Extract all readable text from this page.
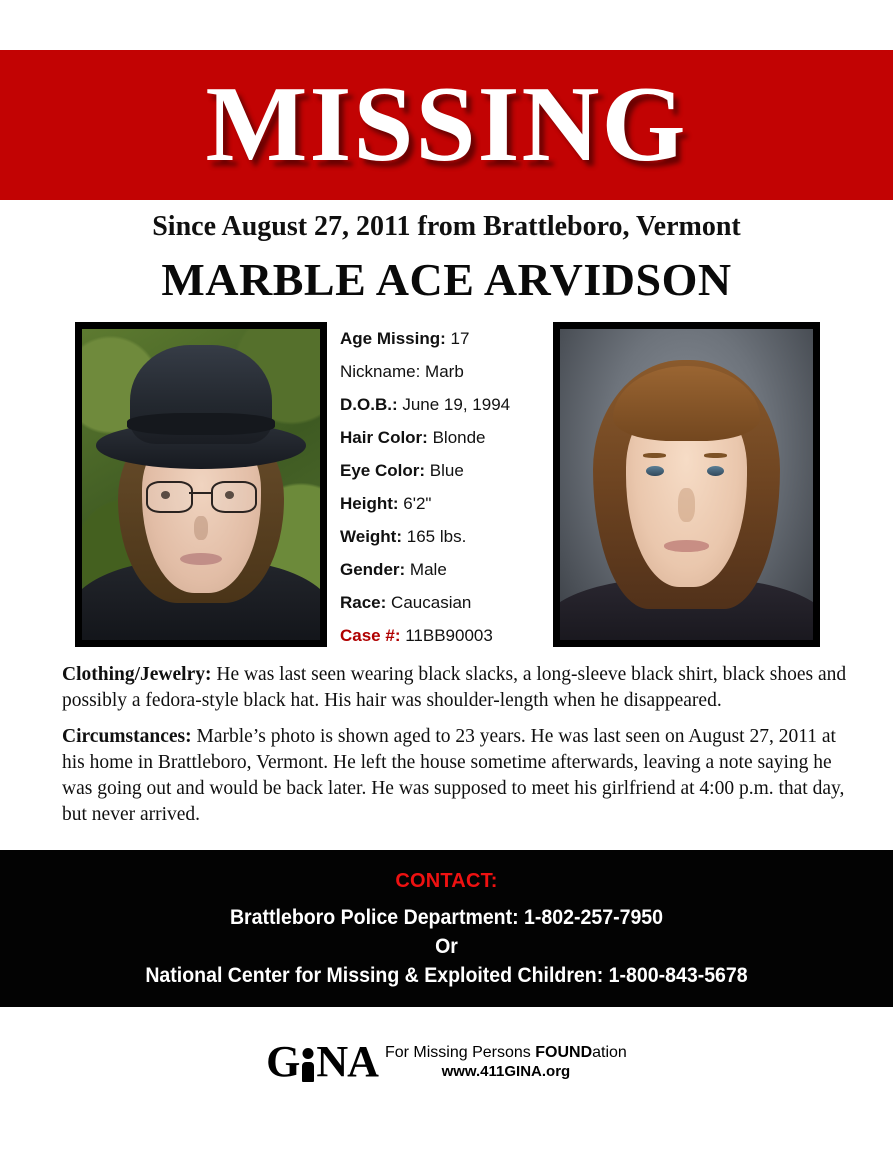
MISSING
Since August 27, 2011 from Brattleboro, Vermont
MARBLE ACE ARVIDSON
Age Missing: 17
Nickname: Marb
D.O.B.: June 19, 1994
Hair Color: Blonde
Eye Color: Blue
Height: 6'2"
Weight: 165 lbs.
Gender: Male
Race: Caucasian
Case #: 11BB90003
Clothing/Jewelry: He was last seen wearing black slacks, a long-sleeve black shirt, black shoes and possibly a fedora-style black hat. His hair was shoulder-length when he disappeared.
Circumstances: Marble’s photo is shown aged to 23 years. He was last seen on August 27, 2011 at his home in Brattleboro, Vermont. He left the house sometime afterwards, leaving a note saying he was going out and would be back later. He was supposed to meet his girlfriend at 4:00 p.m. that day, but never arrived.
CONTACT:
Brattleboro Police Department: 1-802-257-7950
Or
National Center for Missing & Exploited Children: 1-800-843-5678
G NA For Missing Persons FOUNDation
www.411GINA.org
